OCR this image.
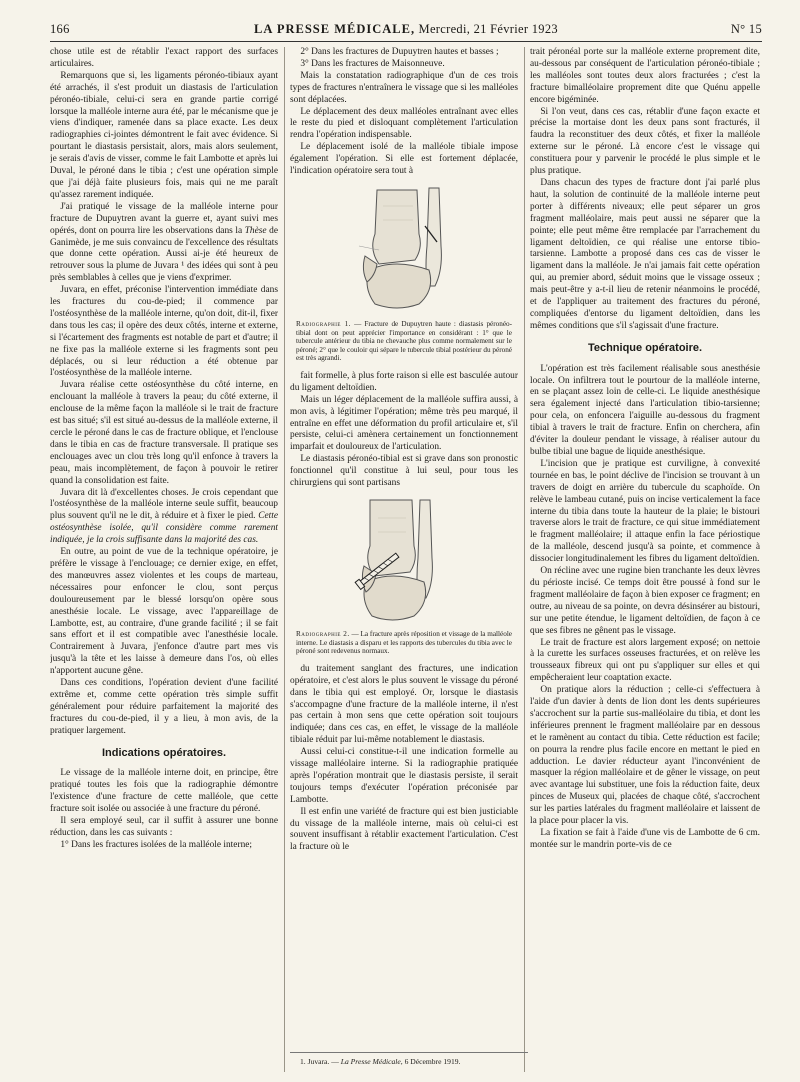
166	LA PRESSE MÉDICALE, Mercredi, 21 Février 1923	N° 15

chose utile est de rétablir l'exact rapport des surfaces articulaires.

Remarquons que si, les ligaments péronéo-tibiaux ayant été arrachés, il s'est produit un diastasis de l'articulation péronéo-tibiale, celui-ci sera en grande partie corrigé lorsque la malléole interne aura été, par le mécanisme que je viens d'indiquer, ramenée dans sa place exacte. Les deux radiographies ci-jointes démontrent le fait avec évidence. Si pourtant le diastasis persistait, alors, mais alors seulement, je serais d'avis de visser, comme le fait Lambotte et après lui Duval, le péroné dans le tibia ; c'est une opération simple que j'ai déjà faite plusieurs fois, mais qui ne me paraît qu'assez rarement indiquée.

J'ai pratiqué le vissage de la malléole interne pour fracture de Dupuytren avant la guerre et, ayant suivi mes opérés, dont on pourra lire les observations dans la Thèse de Ganimède, je me suis convaincu de l'excellence des résultats que donne cette opération. Aussi ai-je été heureux de retrouver sous la plume de Juvara ¹ des idées qui sont à peu près semblables à celles que je viens d'exprimer.

Juvara, en effet, préconise l'intervention immédiate dans les fractures du cou-de-pied; il commence par l'ostéosynthèse de la malléole interne, qu'on doit, dit-il, fixer dans tous les cas; il opère des deux côtés, interne et externe, si l'écartement des fragments est notable de part et d'autre; il ne fixe pas la malléole externe si les fragments sont peu déplacés, ou si leur réduction a été obtenue par l'ostéosynthèse de la malléole interne.

Juvara réalise cette ostéosynthèse du côté interne, en enclouant la malléole à travers la peau; du côté externe, il enclouse de la même façon la malléole si le trait de fracture est bas situé; s'il est situé au-dessus de la malléole externe, il cercle le péroné dans le cas de fracture oblique, et l'enclouse dans le tibia en cas de fracture transversale. Il pratique ses enclouages avec un clou très long qu'il enfonce à travers la peau, mais incomplètement, de façon à pouvoir le retirer quand la consolidation est faite.

Juvara dit là d'excellentes choses. Je crois cependant que l'ostéosynthèse de la malléole interne seule suffit, beaucoup plus souvent qu'il ne le dit, à réduire et à fixer le pied. Cette ostéosynthèse isolée, qu'il considère comme rarement indiquée, je la crois suffisante dans la majorité des cas.

En outre, au point de vue de la technique opératoire, je préfère le vissage à l'enclouage; ce dernier exige, en effet, des manœuvres assez violentes et les coups de marteau, nécessaires pour enfoncer le clou, sont perçus douloureusement par le blessé lorsqu'on opère sous anesthésie locale. Le vissage, avec l'appareillage de Lambotte, est, au contraire, d'une grande facilité ; il se fait sans effort et il est compatible avec l'anesthésie locale. Contrairement à Juvara, j'enfonce d'autre part mes vis jusqu'à la tête et les laisse à demeure dans l'os, où elles n'apportent aucune gêne.

Dans ces conditions, l'opération devient d'une facilité extrême et, comme cette opération très simple suffit généralement pour réduire parfaitement la majorité des fractures du cou-de-pied, il y a lieu, à mon avis, de la pratiquer largement.

Indications opératoires.

Le vissage de la malléole interne doit, en principe, être pratiqué toutes les fois que la radiographie démontre l'existence d'une fracture de cette malléole, que cette fracture soit isolée ou associée à une fracture du péroné.

Il sera employé seul, car il suffit à assurer une bonne réduction, dans les cas suivants :

1° Dans les fractures isolées de la malléole interne;

2° Dans les fractures de Dupuytren hautes et basses ;

3° Dans les fractures de Maisonneuve.

Mais la constatation radiographique d'un de ces trois types de fractures n'entraînera le vissage que si les malléoles sont déplacées.

Le déplacement des deux malléoles entraînant avec elles le reste du pied et disloquant complètement l'articulation rendra l'opération indispensable.

Le déplacement isolé de la malléole tibiale impose également l'opération. Si elle est fortement déplacée, l'indication opératoire sera tout à

Radiographie 1. — Fracture de Dupuytren haute : diastasis péronéo-tibial dont on peut apprécier l'importance en considérant : 1° que le tubercule antérieur du tibia ne chevauche plus comme normalement sur le péroné; 2° que le couloir qui sépare le tubercule tibial postérieur du péroné est très agrandi.

fait formelle, à plus forte raison si elle est basculée autour du ligament deltoïdien.

Mais un léger déplacement de la malléole suffira aussi, à mon avis, à légitimer l'opération; même très peu marqué, il entraîne en effet une déformation du profil articulaire et, s'il persiste, celui-ci amènera certainement un fonctionnement imparfait et douloureux de l'articulation.

Le diastasis péronéo-tibial est si grave dans son pronostic fonctionnel qu'il constitue à lui seul, pour tous les chirurgiens qui sont partisans

Radiographie 2. — La fracture après réposition et vissage de la malléole interne. Le diastasis a disparu et les rapports des tubercules du tibia avec le péroné sont redevenus normaux.

du traitement sanglant des fractures, une indication opératoire, et c'est alors le plus souvent le vissage du péroné dans le tibia qui est employé. Or, lorsque le diastasis s'accompagne d'une fracture de la malléole interne, il n'est pas certain à mon sens que cette opération soit toujours indiquée; dans ces cas, en effet, le vissage de la malléole tibiale réduit par lui-même notablement le diastasis.

Aussi celui-ci constitue-t-il une indication formelle au vissage malléolaire interne. Si la radiographie pratiquée après l'opération montrait que le diastasis persiste, il serait toujours temps d'exécuter l'opération préconisée par Lambotte.

Il est enfin une variété de fracture qui est bien justiciable du vissage de la malléole interne, mais où celui-ci est souvent insuffisant à rétablir exactement l'articulation. C'est la fracture où le

1. Juvara. — La Presse Médicale, 6 Décembre 1919.

trait péronéal porte sur la malléole externe proprement dite, au-dessous par conséquent de l'articulation péronéo-tibiale ; les malléoles sont toutes deux alors fracturées ; c'est la fracture bimalléolaire proprement dite que Quénu appelle encore bigéminée.

Si l'on veut, dans ces cas, rétablir d'une façon exacte et précise la mortaise dont les deux pans sont fracturés, il faudra la reconstituer des deux côtés, et fixer la malléole externe sur le péroné. Là encore c'est le vissage qui constituera pour y parvenir le procédé le plus simple et le plus pratique.

Dans chacun des types de fracture dont j'ai parlé plus haut, la solution de continuité de la malléole interne peut porter à différents niveaux; elle peut séparer un gros fragment malléolaire, mais peut aussi ne séparer que la pointe; elle peut même être remplacée par l'arrachement du ligament deltoïdien, ce qui réalise une entorse tibio-tarsienne. Lambotte a proposé dans ces cas de visser le ligament dans la malléole. Je n'ai jamais fait cette opération qui, au premier abord, séduit moins que le vissage osseux ; mais peut-être y a-t-il lieu de retenir néanmoins le procédé, et de l'appliquer au traitement des fractures du péroné, compliquées d'entorse du ligament deltoïdien, dans les mêmes conditions que s'il s'agissait d'une fracture.

Technique opératoire.

L'opération est très facilement réalisable sous anesthésie locale. On infiltrera tout le pourtour de la malléole interne, en se plaçant assez loin de celle-ci. Le liquide anesthésique sera également injecté dans l'articulation tibio-tarsienne; pour cela, on enfoncera l'aiguille au-dessous du fragment tibial à travers le trait de fracture. Enfin on cherchera, afin d'éviter la douleur pendant le vissage, à réaliser autour du bulbe tibial une bague de liquide anesthésique.

L'incision que je pratique est curviligne, à convexité tournée en bas, le point déclive de l'incision se trouvant à un travers de doigt en arrière du tubercule du scaphoïde. On relève le lambeau cutané, puis on incise verticalement la face interne du tibia dans toute la hauteur de la plaie; le bistouri traverse alors le trait de fracture, ce qui situe immédiatement le fragment malléolaire; il attaque enfin la face périostique de la malléole, descend jusqu'à sa pointe, et commence à dissocier longitudinalement les fibres du ligament deltoïdien.

On récline avec une rugine bien tranchante les deux lèvres du périoste incisé. Ce temps doit être poussé à fond sur le fragment malléolaire de façon à bien exposer ce fragment; en outre, au niveau de sa pointe, on devra désinsérer au bistouri, sur une petite étendue, le ligament deltoïdien, de façon à ce que ses fibres ne gênent pas le vissage.

Le trait de fracture est alors largement exposé; on nettoie à la curette les surfaces osseuses fracturées, et on relève les trousseaux fibreux qui ont pu s'appliquer sur elles et qui empêcheraient leur coaptation exacte.

On pratique alors la réduction ; celle-ci s'effectuera à l'aide d'un davier à dents de lion dont les dents supérieures s'accrochent sur la partie sus-malléolaire du tibia, et dont les inférieures prennent le fragment malléolaire par en dessous et le ramènent au contact du tibia. Cette réduction est facile; on pourra la rendre plus facile encore en mettant le pied en adduction. Le davier réducteur ayant l'inconvénient de masquer la région malléolaire et de gêner le vissage, on peut avec avantage lui substituer, une fois la réduction faite, deux pinces de Museux qui, placées de chaque côté, s'accrochent sur les parties latérales du fragment malléolaire et laissent de la place pour placer la vis.

La fixation se fait à l'aide d'une vis de Lambotte de 6 cm. montée sur le mandrin porte-vis de ce
